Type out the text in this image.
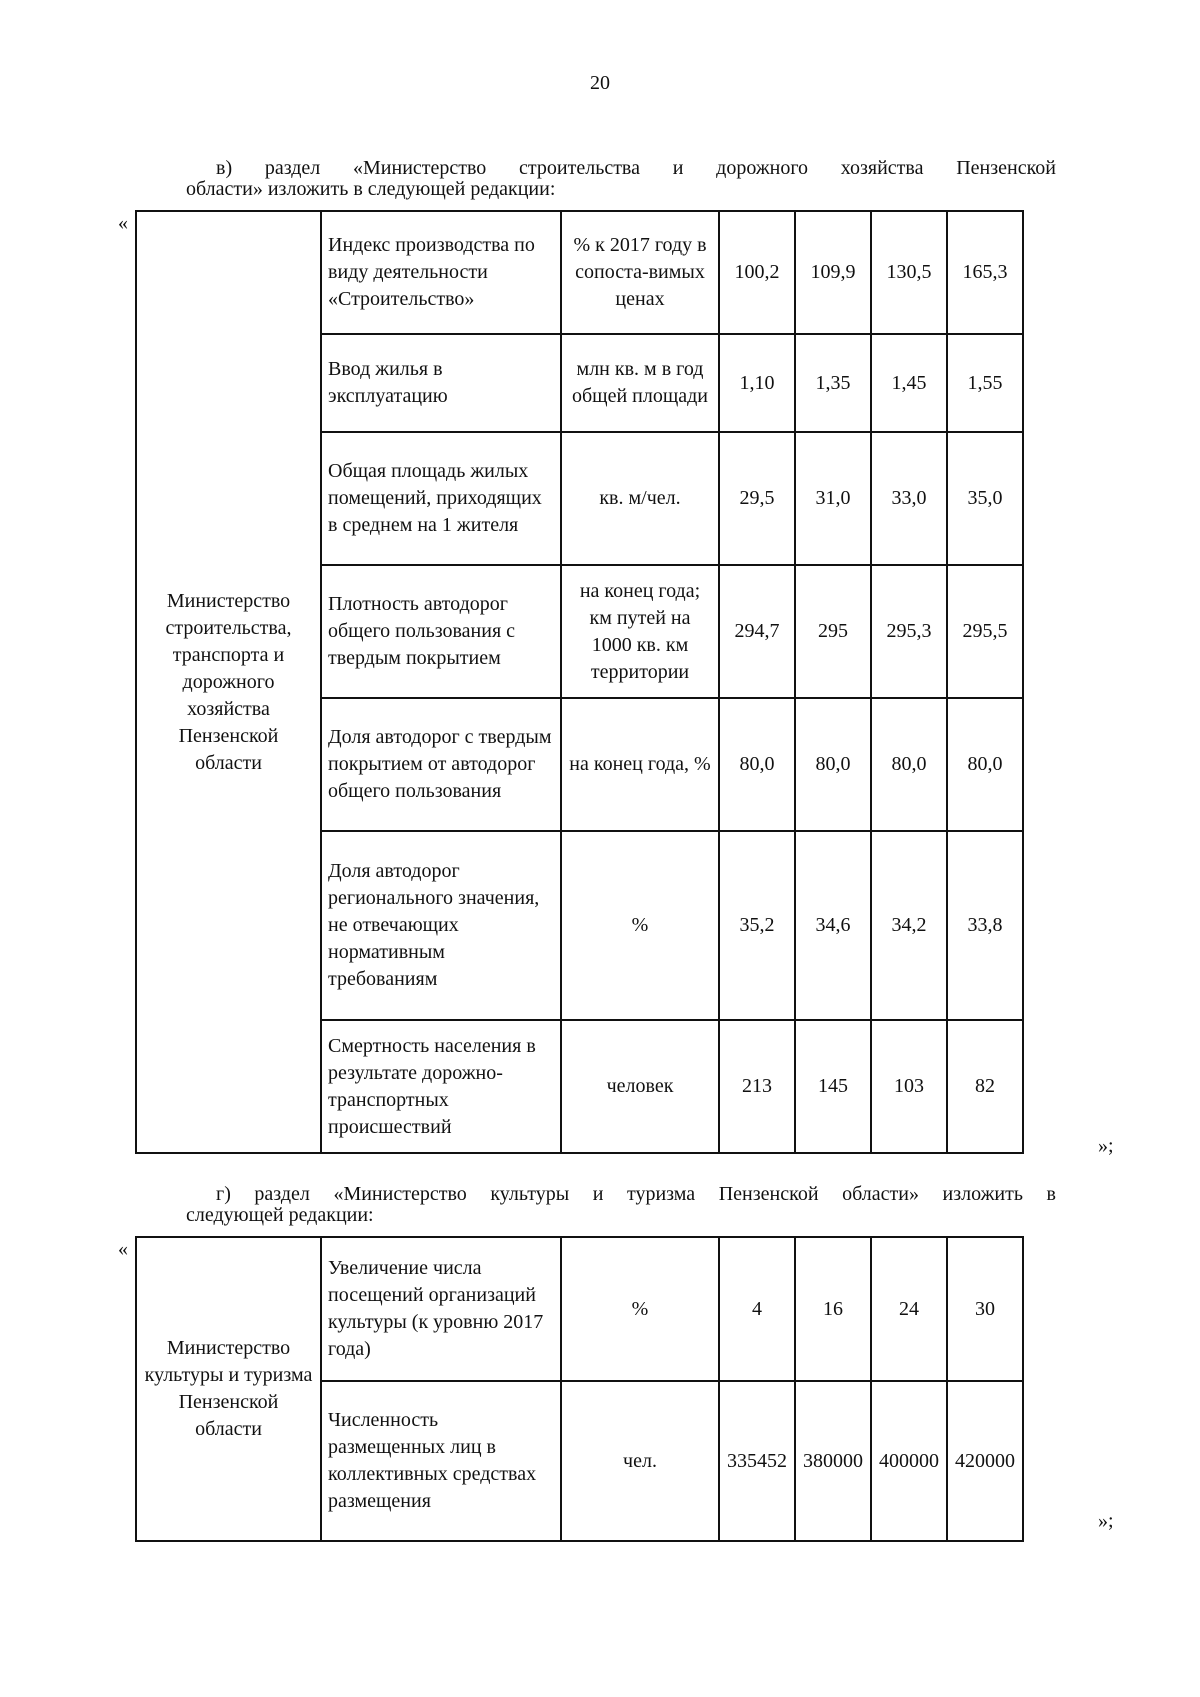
20
в) раздел «Министерство строительства и дорожного хозяйства Пензенской
области» изложить в следующей редакции:
«
Министерство строительства, транспорта и дорожного хозяйства Пензенской области	Индекс производства по виду деятельности «Строительство»	% к 2017 году в сопоста-вимых ценах	100,2	109,9	130,5	165,3
	Ввод жилья в эксплуатацию	млн кв. м в год общей площади	1,10	1,35	1,45	1,55
	Общая площадь жилых помещений, приходящих в среднем на 1 жителя	кв. м/чел.	29,5	31,0	33,0	35,0
	Плотность автодорог общего пользования с твердым покрытием	на конец года; км путей на 1000 кв. км территории	294,7	295	295,3	295,5
	Доля автодорог с твердым покрытием от автодорог общего пользования	на конец года, %	80,0	80,0	80,0	80,0
	Доля автодорог регионального значения, не отвечающих нормативным требованиям	%	35,2	34,6	34,2	33,8
	Смертность населения в результате дорожно-транспортных происшествий	человек	213	145	103	82
»;
г) раздел «Министерство культуры и туризма Пензенской области» изложить в
следующей редакции:
«
Министерство культуры и туризма Пензенской области	Увеличение числа посещений организаций культуры (к уровню 2017 года)	%	4	16	24	30
	Численность размещенных лиц в коллективных средствах размещения	чел.	335452	380000	400000	420000
»;
